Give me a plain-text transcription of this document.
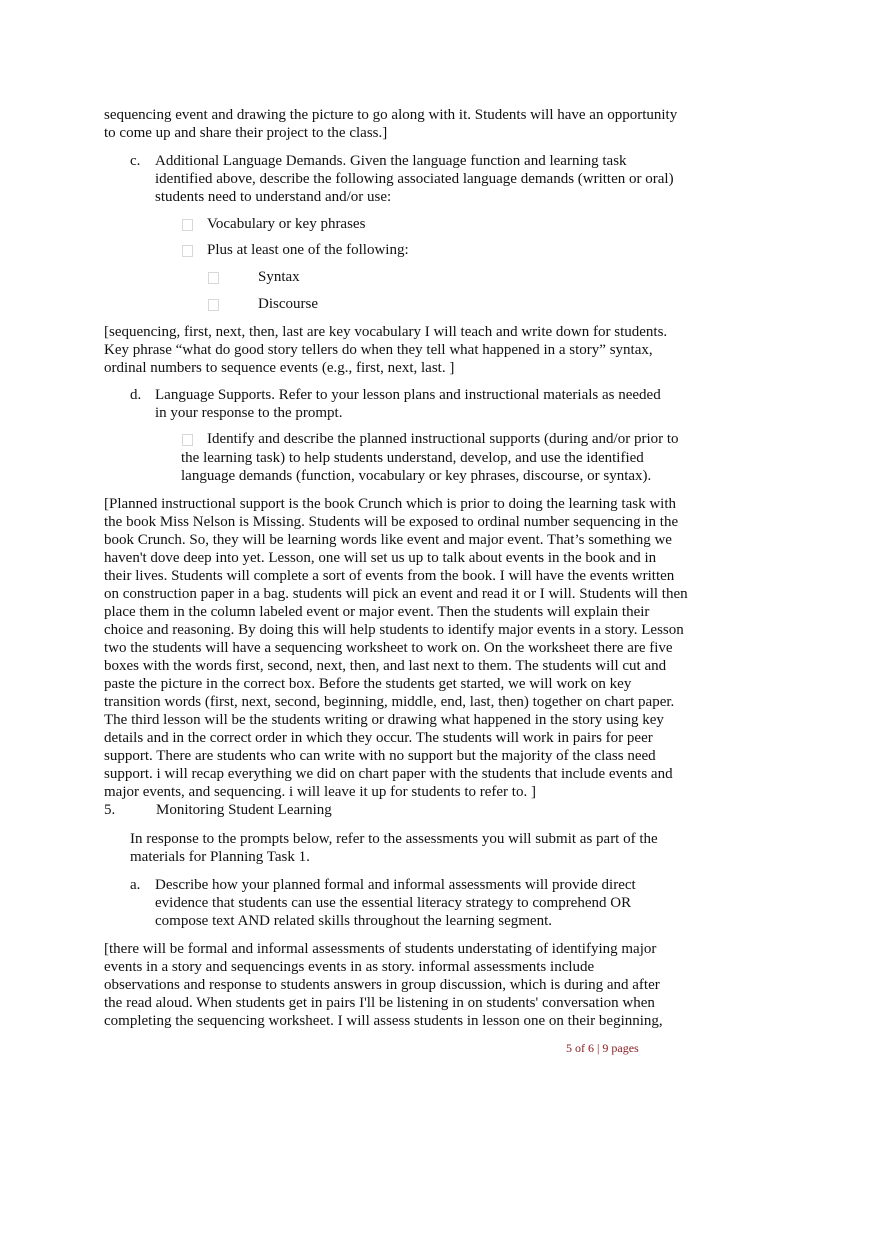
sequencing event and drawing the picture to go along with it. Students will have an opportunity
to come up and share their project to the class.]
c. Additional Language Demands. Given the language function and learning task
identified above, describe the following associated language demands (written or oral)
students need to understand and/or use:
Vocabulary or key phrases
Plus at least one of the following:
Syntax
Discourse
[sequencing, first, next, then, last are key vocabulary I will teach and write down for students.
Key phrase “what do good story tellers do when they tell what happened in a story” syntax,
ordinal numbers to sequence events (e.g., first, next, last. ]
d. Language Supports. Refer to your lesson plans and instructional materials as needed
in your response to the prompt.
Identify and describe the planned instructional supports (during and/or prior to
the learning task) to help students understand, develop, and use the identified
language demands (function, vocabulary or key phrases, discourse, or syntax).
[Planned instructional support is the book Crunch which is prior to doing the learning task with
the book Miss Nelson is Missing. Students will be exposed to ordinal number sequencing in the
book Crunch. So, they will be learning words like event and major event. That’s something we
haven't dove deep into yet. Lesson, one will set us up to talk about events in the book and in
their lives. Students will complete a sort of events from the book. I will have the events written
on construction paper in a bag. students will pick an event and read it or I will. Students will then
place them in the column labeled event or major event. Then the students will explain their
choice and reasoning. By doing this will help students to identify major events in a story. Lesson
two the students will have a sequencing worksheet to work on. On the worksheet there are five
boxes with the words first, second, next, then, and last next to them. The students will cut and
paste the picture in the correct box. Before the students get started, we will work on key
transition words (first, next, second, beginning, middle, end, last, then) together on chart paper.
The third lesson will be the students writing or drawing what happened in the story using key
details and in the correct order in which they occur. The students will work in pairs for peer
support. There are students who can write with no support but the majority of the class need
support. i will recap everything we did on chart paper with the students that include events and
major events, and sequencing. i will leave it up for students to refer to. ]
5.	Monitoring Student Learning
In response to the prompts below, refer to the assessments you will submit as part of the
materials for Planning Task 1.
a. Describe how your planned formal and informal assessments will provide direct
evidence that students can use the essential literacy strategy to comprehend OR
compose text AND related skills throughout the learning segment.
[there will be formal and informal assessments of students understating of identifying major
events in a story and sequencings events in as story. informal assessments include
observations and response to students answers in group discussion, which is during and after
the read aloud. When students get in pairs I'll be listening in on students' conversation when
completing the sequencing worksheet. I will assess students in lesson one on their beginning,
5 of 6 | 9 pages
